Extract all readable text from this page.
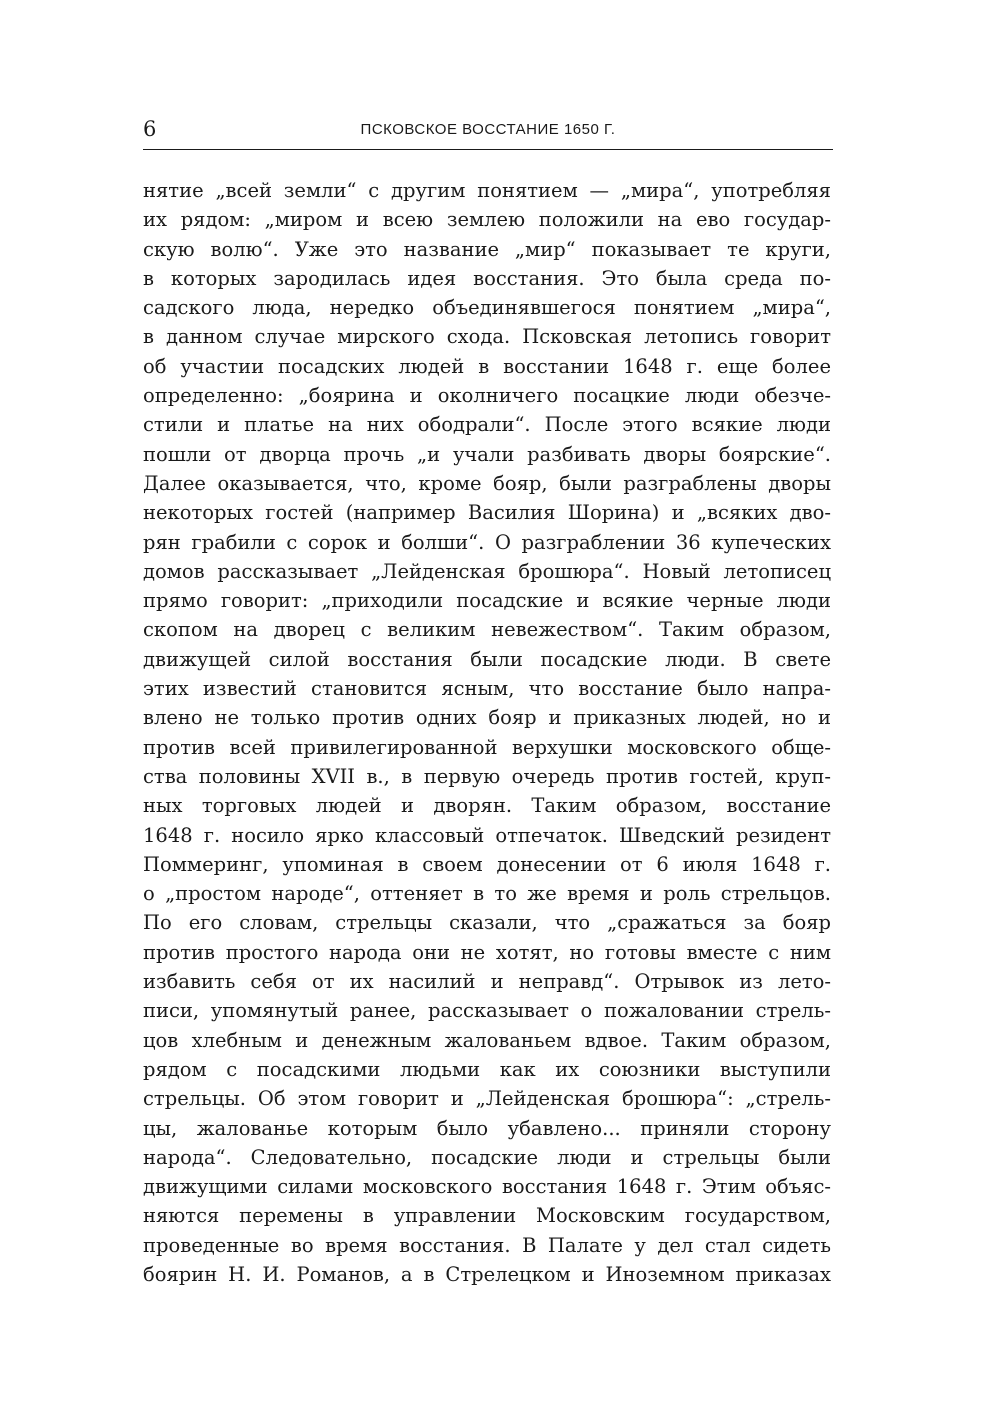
6	ПСКОВСКОЕ ВОССТАНИЕ 1650 Г.
нятие „всей земли“ с другим понятием — „мира“, употребляя
их рядом: „миром и всею землею положили на ево государ-
скую волю“. Уже это название „мир“ показывает те круги,
в которых зародилась идея восстания. Это была среда по-
садского люда, нередко объединявшегося понятием „мира“,
в данном случае мирского схода. Псковская летопись говорит
об участии посадских людей в восстании 1648 г. еще более
определенно: „боярина и околничего посацкие люди обезче-
стили и платье на них ободрали“. После этого всякие люди
пошли от дворца прочь „и учали разбивать дворы боярские“.
Далее оказывается, что, кроме бояр, были разграблены дворы
некоторых гостей (например Василия Шорина) и „всяких дво-
рян грабили с сорок и болши“. О разграблении 36 купеческих
домов рассказывает „Лейденская брошюра“. Новый летописец
прямо говорит: „приходили посадские и всякие черные люди
скопом на дворец с великим невежеством“. Таким образом,
движущей силой восстания были посадские люди. В свете
этих известий становится ясным, что восстание было напра-
влено не только против одних бояр и приказных людей, но и
против всей привилегированной верхушки московского обще-
ства половины XVII в., в первую очередь против гостей, круп-
ных торговых людей и дворян. Таким образом, восстание
1648 г. носило ярко классовый отпечаток. Шведский резидент
Поммеринг, упоминая в своем донесении от 6 июля 1648 г.
о „простом народе“, оттеняет в то же время и роль стрельцов.
По его словам, стрельцы сказали, что „сражаться за бояр
против простого народа они не хотят, но готовы вместе с ним
избавить себя от их насилий и неправд“. Отрывок из лето-
писи, упомянутый ранее, рассказывает о пожаловании стрель-
цов хлебным и денежным жалованьем вдвое. Таким образом,
рядом с посадскими людьми как их союзники выступили
стрельцы. Об этом говорит и „Лейденская брошюра“: „стрель-
цы, жалованье которым было убавлено... приняли сторону
народа“. Следовательно, посадские люди и стрельцы были
движущими силами московского восстания 1648 г. Этим объяс-
няются перемены в управлении Московским государством,
проведенные во время восстания. В Палате у дел стал сидеть
боярин Н. И. Романов, а в Стрелецком и Иноземном приказах
